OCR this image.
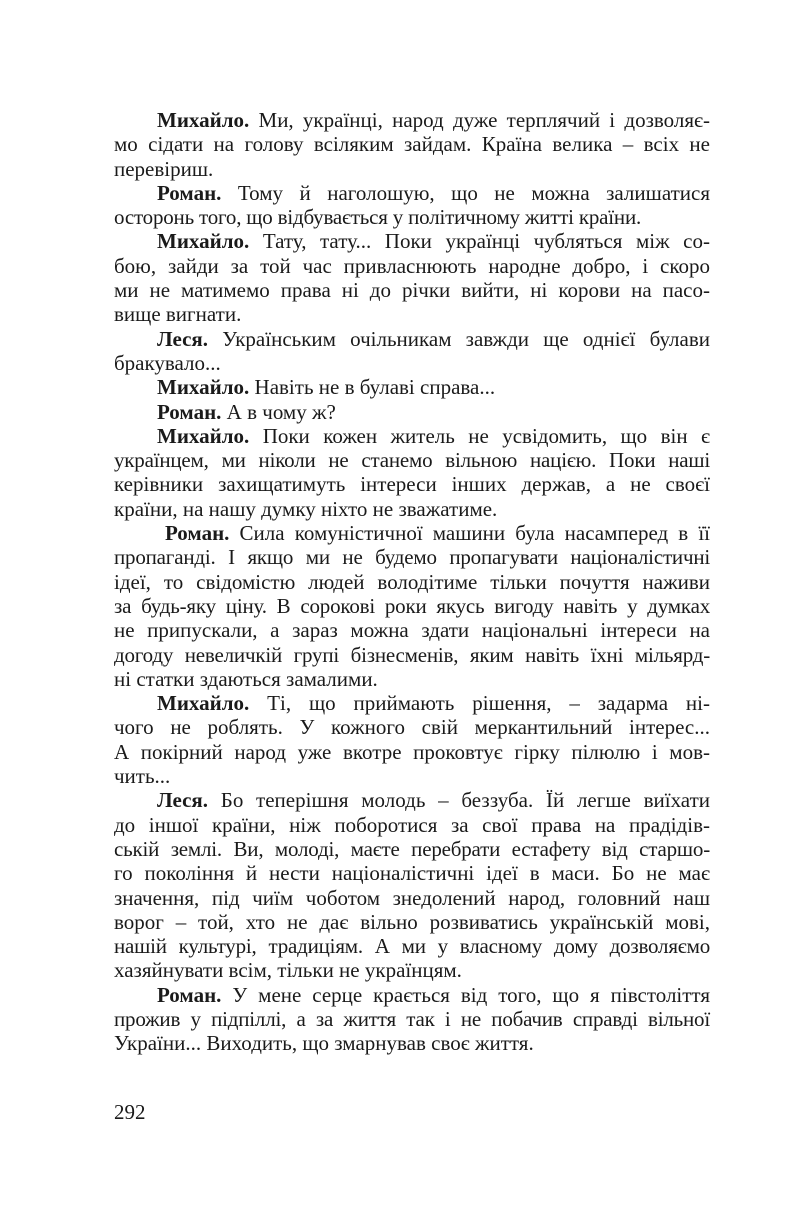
Михайло. Ми, українці, народ дуже терплячий і дозволяє-
мо сідати на голову всіляким зайдам. Країна велика – всіх не
перевіриш.
Роман. Тому й наголошую, що не можна залишатися
осторонь того, що відбувається у політичному житті країни.
Михайло. Тату, тату... Поки українці чубляться між со-
бою, зайди за той час привласнюють народне добро, і скоро
ми не матимемо права ні до річки вийти, ні корови на пасо-
вище вигнати.
Леся. Українським очільникам завжди ще однієї булави
бракувало...
Михайло. Навіть не в булаві справа...
Роман. А в чому ж?
Михайло. Поки кожен житель не усвідомить, що він є
українцем, ми ніколи не станемо вільною нацією. Поки наші
керівники захищатимуть інтереси інших держав, а не своєї
країни, на нашу думку ніхто не зважатиме.
Роман. Сила комуністичної машини була насамперед в її
пропаганді. І якщо ми не будемо пропагувати націоналістичні
ідеї, то свідомістю людей володітиме тільки почуття наживи
за будь-яку ціну. В сорокові роки якусь вигоду навіть у думках
не припускали, а зараз можна здати національні інтереси на
догоду невеличкій групі бізнесменів, яким навіть їхні мільярд-
ні статки здаються замалими.
Михайло. Ті, що приймають рішення, – задарма ні-
чого не роблять. У кожного свій меркантильний інтерес...
А покірний народ уже вкотре проковтує гірку пілюлю і мов-
чить...
Леся. Бо теперішня молодь – беззуба. Їй легше виїхати
до іншої країни, ніж поборотися за свої права на прадідів-
ській землі. Ви, молоді, маєте перебрати естафету від старшо-
го покоління й нести націоналістичні ідеї в маси. Бо не має
значення, під чиїм чоботом знедолений народ, головний наш
ворог – той, хто не дає вільно розвиватись українській мові,
нашій культурі, традиціям. А ми у власному дому дозволяємо
хазяйнувати всім, тільки не українцям.
Роман. У мене серце крається від того, що я півстоліття
прожив у підпіллі, а за життя так і не побачив справді вільної
України... Виходить, що змарнував своє життя.
292
